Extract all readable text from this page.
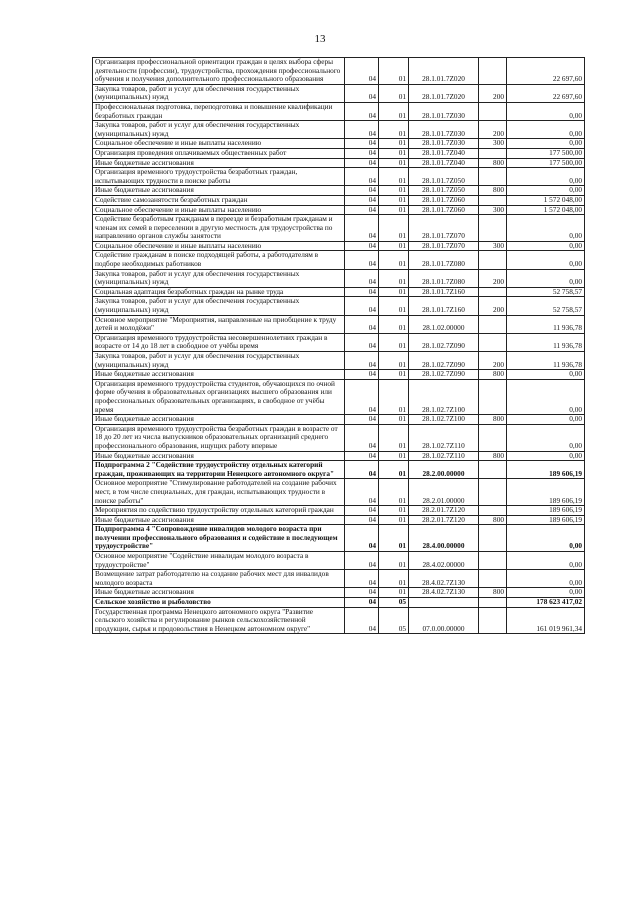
13
Организация профессиональной ориентации граждан в целях выбора сферы деятельности (профессии), трудоустройства, прохождения профессионального обучения и получения дополнительного профессионального образования	04	01	28.1.01.7Z020		22 697,60
Закупка товаров, работ и услуг для обеспечения государственных (муниципальных) нужд	04	01	28.1.01.7Z020	200	22 697,60
Профессиональная подготовка, переподготовка и повышение квалификации безработных граждан	04	01	28.1.01.7Z030		0,00
Закупка товаров, работ и услуг для обеспечения государственных (муниципальных) нужд	04	01	28.1.01.7Z030	200	0,00
Социальное обеспечение и иные выплаты населению	04	01	28.1.01.7Z030	300	0,00
Организация проведения оплачиваемых общественных работ	04	01	28.1.01.7Z040		177 500,00
Иные бюджетные ассигнования	04	01	28.1.01.7Z040	800	177 500,00
Организация временного трудоустройства безработных граждан, испытывающих трудности в поиске работы	04	01	28.1.01.7Z050		0,00
Иные бюджетные ассигнования	04	01	28.1.01.7Z050	800	0,00
Содействие самозанятости безработных граждан	04	01	28.1.01.7Z060		1 572 048,00
Социальное обеспечение и иные выплаты населению	04	01	28.1.01.7Z060	300	1 572 048,00
Содействие безработным гражданам в переезде и безработным гражданам и членам их семей в переселении в другую местность для трудоустройства по направлению органов службы занятости	04	01	28.1.01.7Z070		0,00
Социальное обеспечение и иные выплаты населению	04	01	28.1.01.7Z070	300	0,00
Содействие гражданам в поиске подходящей работы, а работодателям в подборе необходимых работников	04	01	28.1.01.7Z080		0,00
Закупка товаров, работ и услуг для обеспечения государственных (муниципальных) нужд	04	01	28.1.01.7Z080	200	0,00
Социальная адаптация безработных граждан на рынке труда	04	01	28.1.01.7Z160		52 758,57
Закупка товаров, работ и услуг для обеспечения государственных (муниципальных) нужд	04	01	28.1.01.7Z160	200	52 758,57
Основное мероприятие "Мероприятия, направленные на приобщение к труду детей и молодёжи"	04	01	28.1.02.00000		11 936,78
Организация временного трудоустройства несовершеннолетних граждан в возрасте от 14 до 18 лет в свободное от учёбы время	04	01	28.1.02.7Z090		11 936,78
Закупка товаров, работ и услуг для обеспечения государственных (муниципальных) нужд	04	01	28.1.02.7Z090	200	11 936,78
Иные бюджетные ассигнования	04	01	28.1.02.7Z090	800	0,00
Организация временного трудоустройства студентов, обучающихся по очной форме обучения в образовательных организациях высшего образования или профессиональных образовательных организациях, в свободное от учёбы время	04	01	28.1.02.7Z100		0,00
Иные бюджетные ассигнования	04	01	28.1.02.7Z100	800	0,00
Организация временного трудоустройства безработных граждан в возрасте от 18 до 20 лет из числа выпускников образовательных организаций среднего профессионального образования, ищущих работу впервые	04	01	28.1.02.7Z110		0,00
Иные бюджетные ассигнования	04	01	28.1.02.7Z110	800	0,00
Подпрограмма 2 "Содействие трудоустройству отдельных категорий граждан, проживающих на территории Ненецкого автономного округа"	04	01	28.2.00.00000		189 606,19
Основное мероприятие "Стимулирование работодателей на создание рабочих мест, в том числе специальных, для граждан, испытывающих трудности в поиске работы"	04	01	28.2.01.00000		189 606,19
Мероприятия по содействию трудоустройству отдельных категорий граждан	04	01	28.2.01.7Z120		189 606,19
Иные бюджетные ассигнования	04	01	28.2.01.7Z120	800	189 606,19
Подпрограмма 4 "Сопровождение инвалидов молодого возраста при получении профессионального образования и содействие в последующем трудоустройстве"	04	01	28.4.00.00000		0,00
Основное мероприятие "Содействие инвалидам молодого возраста в трудоустройстве"	04	01	28.4.02.00000		0,00
Возмещение затрат работодателю на создание рабочих мест для инвалидов молодого возраста	04	01	28.4.02.7Z130		0,00
Иные бюджетные ассигнования	04	01	28.4.02.7Z130	800	0,00
Сельское хозяйство и рыболовство	04	05			178 623 417,02
Государственная программа Ненецкого автономного округа "Развитие сельского хозяйства и регулирование рынков сельскохозяйственной продукции, сырья и продовольствия в Ненецком автономном округе"	04	05	07.0.00.00000		161 019 961,34
